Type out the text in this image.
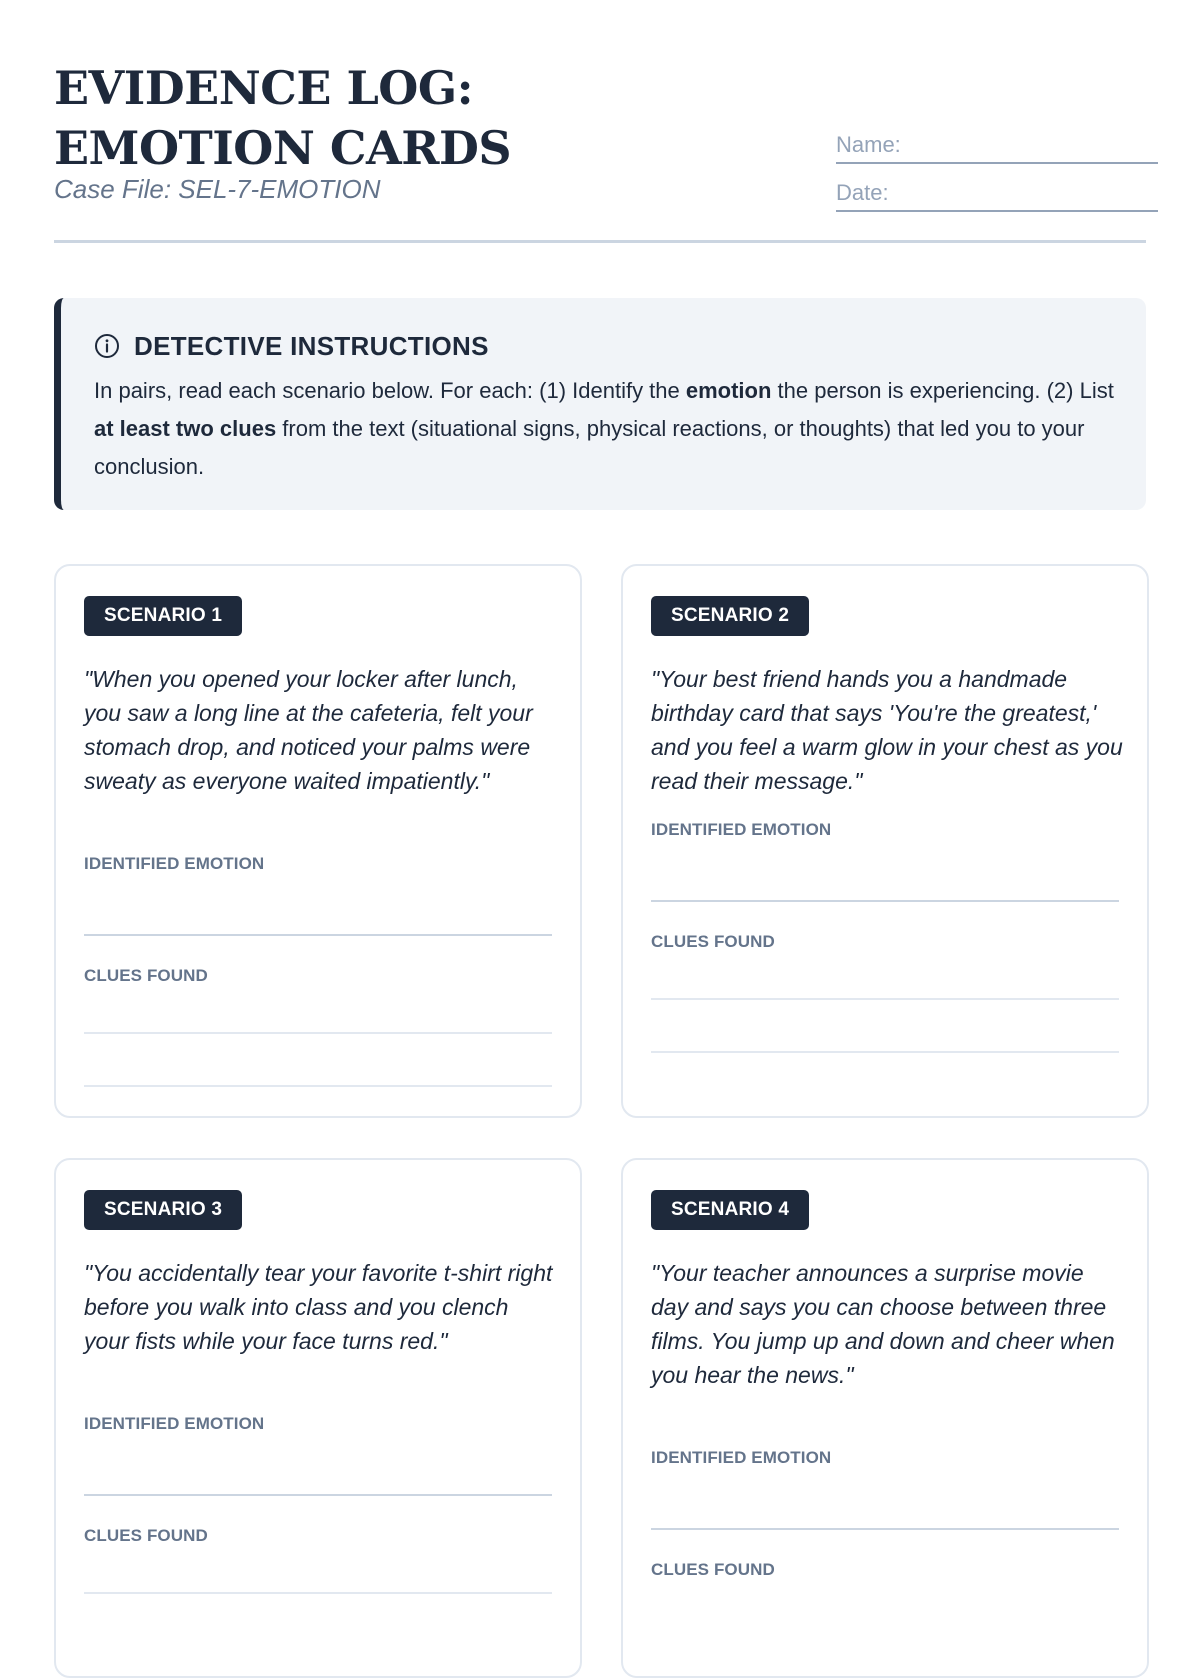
EVIDENCE LOG: EMOTION CARDS
Case File: SEL-7-EMOTION
Name:
Date:
DETECTIVE INSTRUCTIONS
In pairs, read each scenario below. For each: (1) Identify the emotion the person is experiencing. (2) List at least two clues from the text (situational signs, physical reactions, or thoughts) that led you to your conclusion.
SCENARIO 1
"When you opened your locker after lunch, you saw a long line at the cafeteria, felt your stomach drop, and noticed your palms were sweaty as everyone waited impatiently."
IDENTIFIED EMOTION
CLUES FOUND
SCENARIO 2
"Your best friend hands you a handmade birthday card that says 'You're the greatest,' and you feel a warm glow in your chest as you read their message."
IDENTIFIED EMOTION
CLUES FOUND
SCENARIO 3
"You accidentally tear your favorite t-shirt right before you walk into class and you clench your fists while your face turns red."
IDENTIFIED EMOTION
CLUES FOUND
SCENARIO 4
"Your teacher announces a surprise movie day and says you can choose between three films. You jump up and down and cheer when you hear the news."
IDENTIFIED EMOTION
CLUES FOUND
